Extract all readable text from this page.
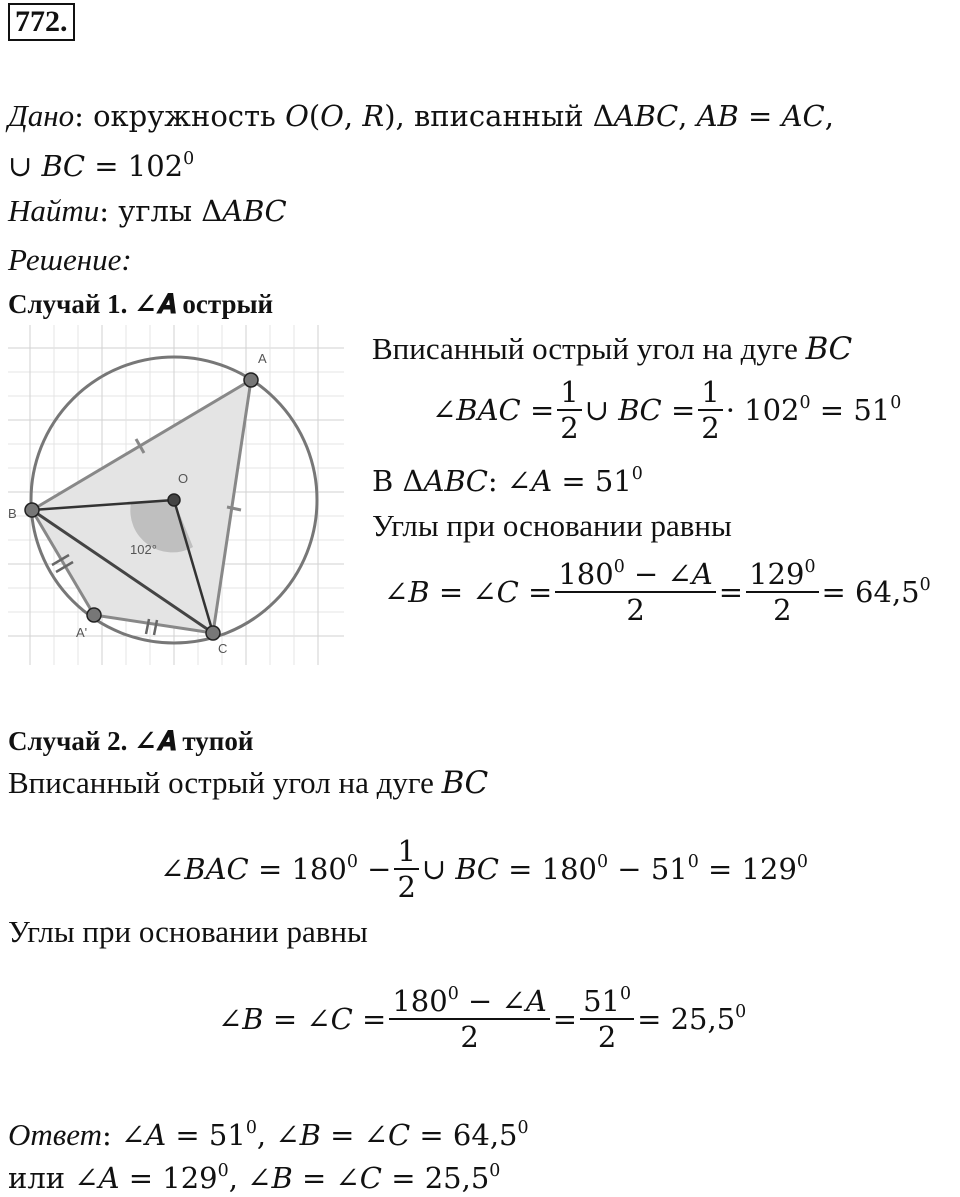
772.
Дано: окружность 𝑂(𝑂, 𝑅), вписанный Δ𝐴𝐵𝐶, 𝐴𝐵 = 𝐴𝐶,
∪ 𝐵𝐶 = $102^0$
Найти: углы Δ𝐴𝐵𝐶
Решение:
Случай 1. ∠𝑨 острый
A
O
B
A'
C
102°
Вписанный острый угол на дуге 𝐵𝐶
∠𝐵𝐴𝐶 = $\frac{1}{2}$ ∪ 𝐵𝐶 = $\frac{1}{2} \cdot 102^0 = 51^0$
В Δ𝐴𝐵𝐶: ∠𝐴 = $51^0$
Углы при основании равны
∠𝐵 = ∠𝐶 = $\frac{180^0 - \angle 𝐴}{2} = \frac{129^0}{2} = 64,5^0$
Случай 2. ∠𝑨 тупой
Вписанный острый угол на дуге 𝐵𝐶
∠𝐵𝐴𝐶 = $180^0 - \frac{1}{2}$ ∪ 𝐵𝐶 = $180^0 - 51^0 = 129^0$
Углы при основании равны
∠𝐵 = ∠𝐶 = $\frac{180^0 - \angle 𝐴}{2} = \frac{51^0}{2} = 25,5^0$
Ответ: ∠𝐴 = $51^0$, ∠𝐵 = ∠𝐶 = $64,5^0$
или ∠𝐴 = $129^0$, ∠𝐵 = ∠𝐶 = $25,5^0$
